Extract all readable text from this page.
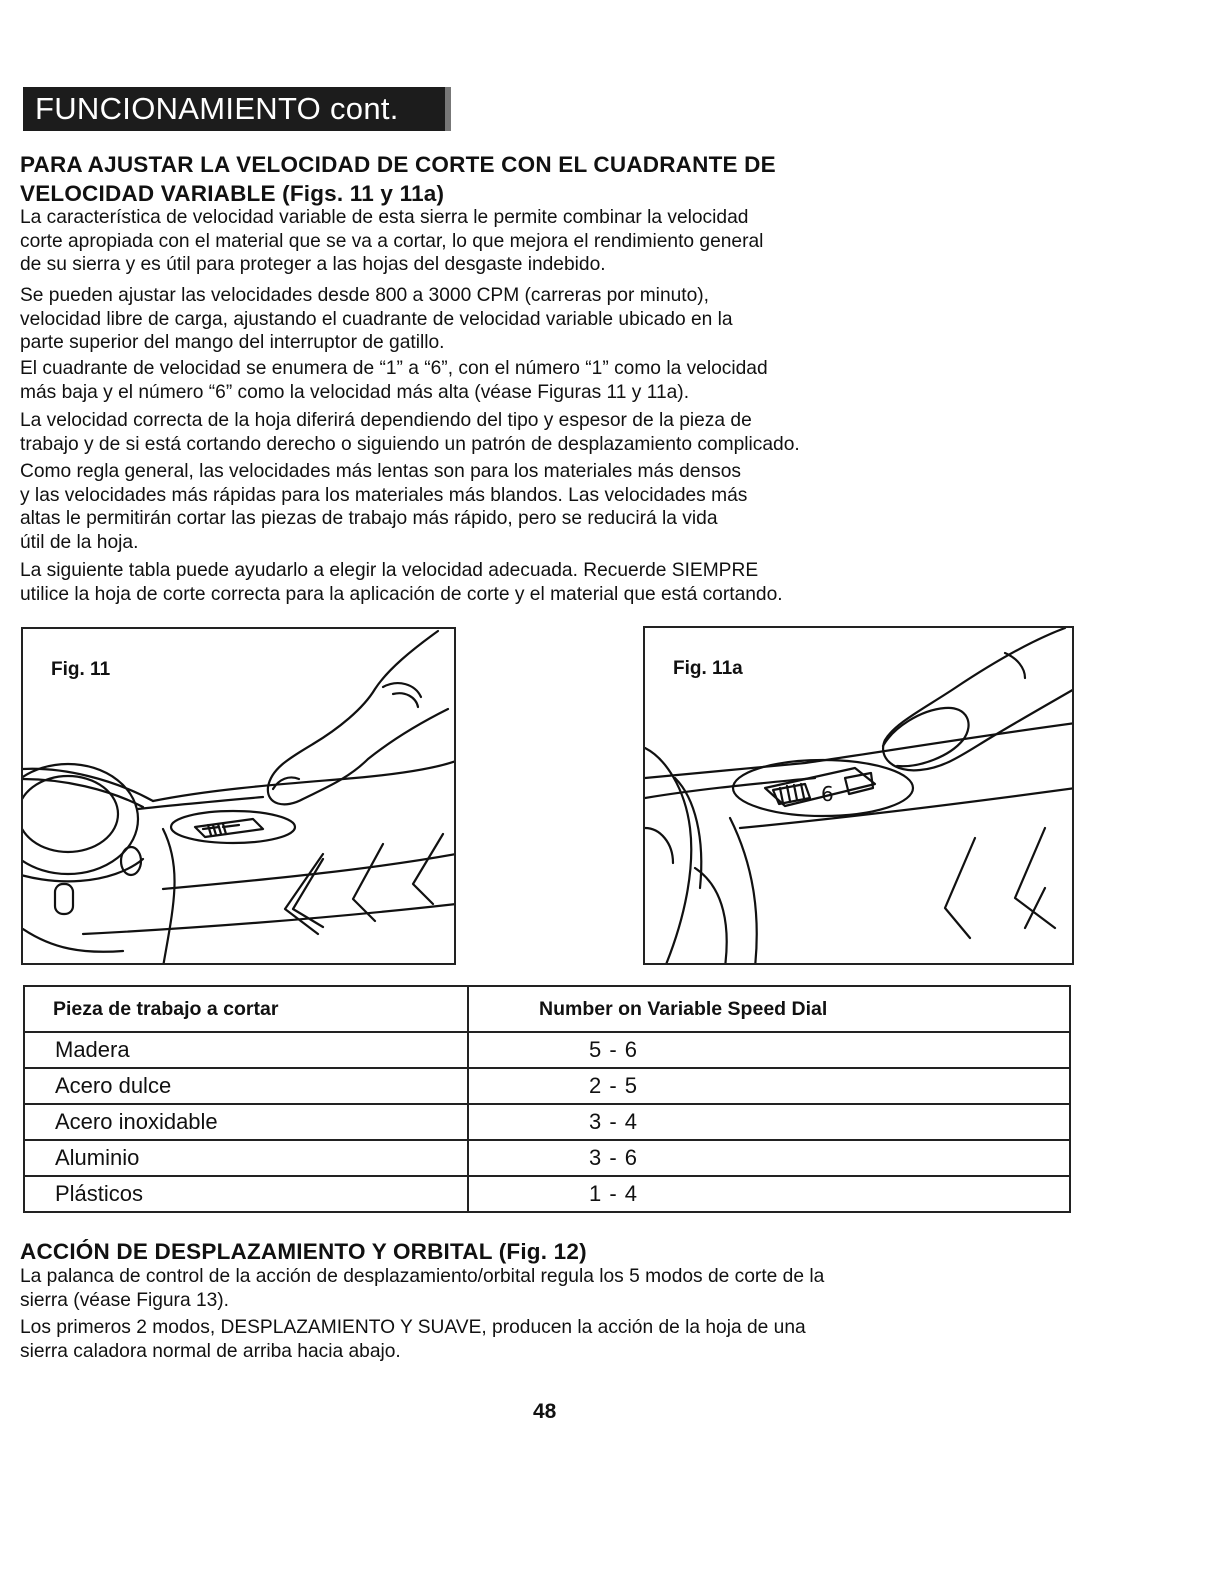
FUNCIONAMIENTO cont.
PARA AJUSTAR LA VELOCIDAD DE CORTE CON EL CUADRANTE DE
VELOCIDAD VARIABLE (Figs. 11 y 11a)

La característica de velocidad variable de esta sierra le permite combinar la velocidad
corte apropiada con el material que se va a cortar, lo que mejora el rendimiento general
de su sierra y es útil para proteger a las hojas del desgaste indebido.

Se pueden ajustar las velocidades desde 800 a 3000 CPM (carreras por minuto),
velocidad libre de carga, ajustando el cuadrante de velocidad variable ubicado en la
parte superior del mango del interruptor de gatillo.

El cuadrante de velocidad se enumera de “1” a “6”, con el número “1” como la velocidad
más baja y el número “6” como la velocidad más alta (véase Figuras 11 y 11a).

La velocidad correcta de la hoja diferirá dependiendo del tipo y espesor de la pieza de
trabajo y de si está cortando derecho o siguiendo un patrón de desplazamiento complicado.

Como regla general, las velocidades más lentas son para los materiales más densos
y las velocidades más rápidas para los materiales más blandos. Las velocidades más
altas le permitirán cortar las piezas de trabajo más rápido, pero se reducirá la vida
útil de la hoja.

La siguiente tabla puede ayudarlo a elegir la velocidad adecuada. Recuerde SIEMPRE
utilice la hoja de corte correcta para la aplicación de corte y el material que está cortando.

Fig. 11	Fig. 11a
6
Pieza de trabajo a cortar	Number on Variable Speed Dial
Madera	5 - 6
Acero dulce	2 - 5
Acero inoxidable	3 - 4
Aluminio	3 - 6
Plásticos	1 - 4
ACCIÓN DE DESPLAZAMIENTO Y ORBITAL (Fig. 12)

La palanca de control de la acción de desplazamiento/orbital regula los 5 modos de corte de la
sierra (véase Figura 13).

Los primeros 2 modos, DESPLAZAMIENTO Y SUAVE, producen la acción de la hoja de una
sierra caladora normal de arriba hacia abajo.

48
